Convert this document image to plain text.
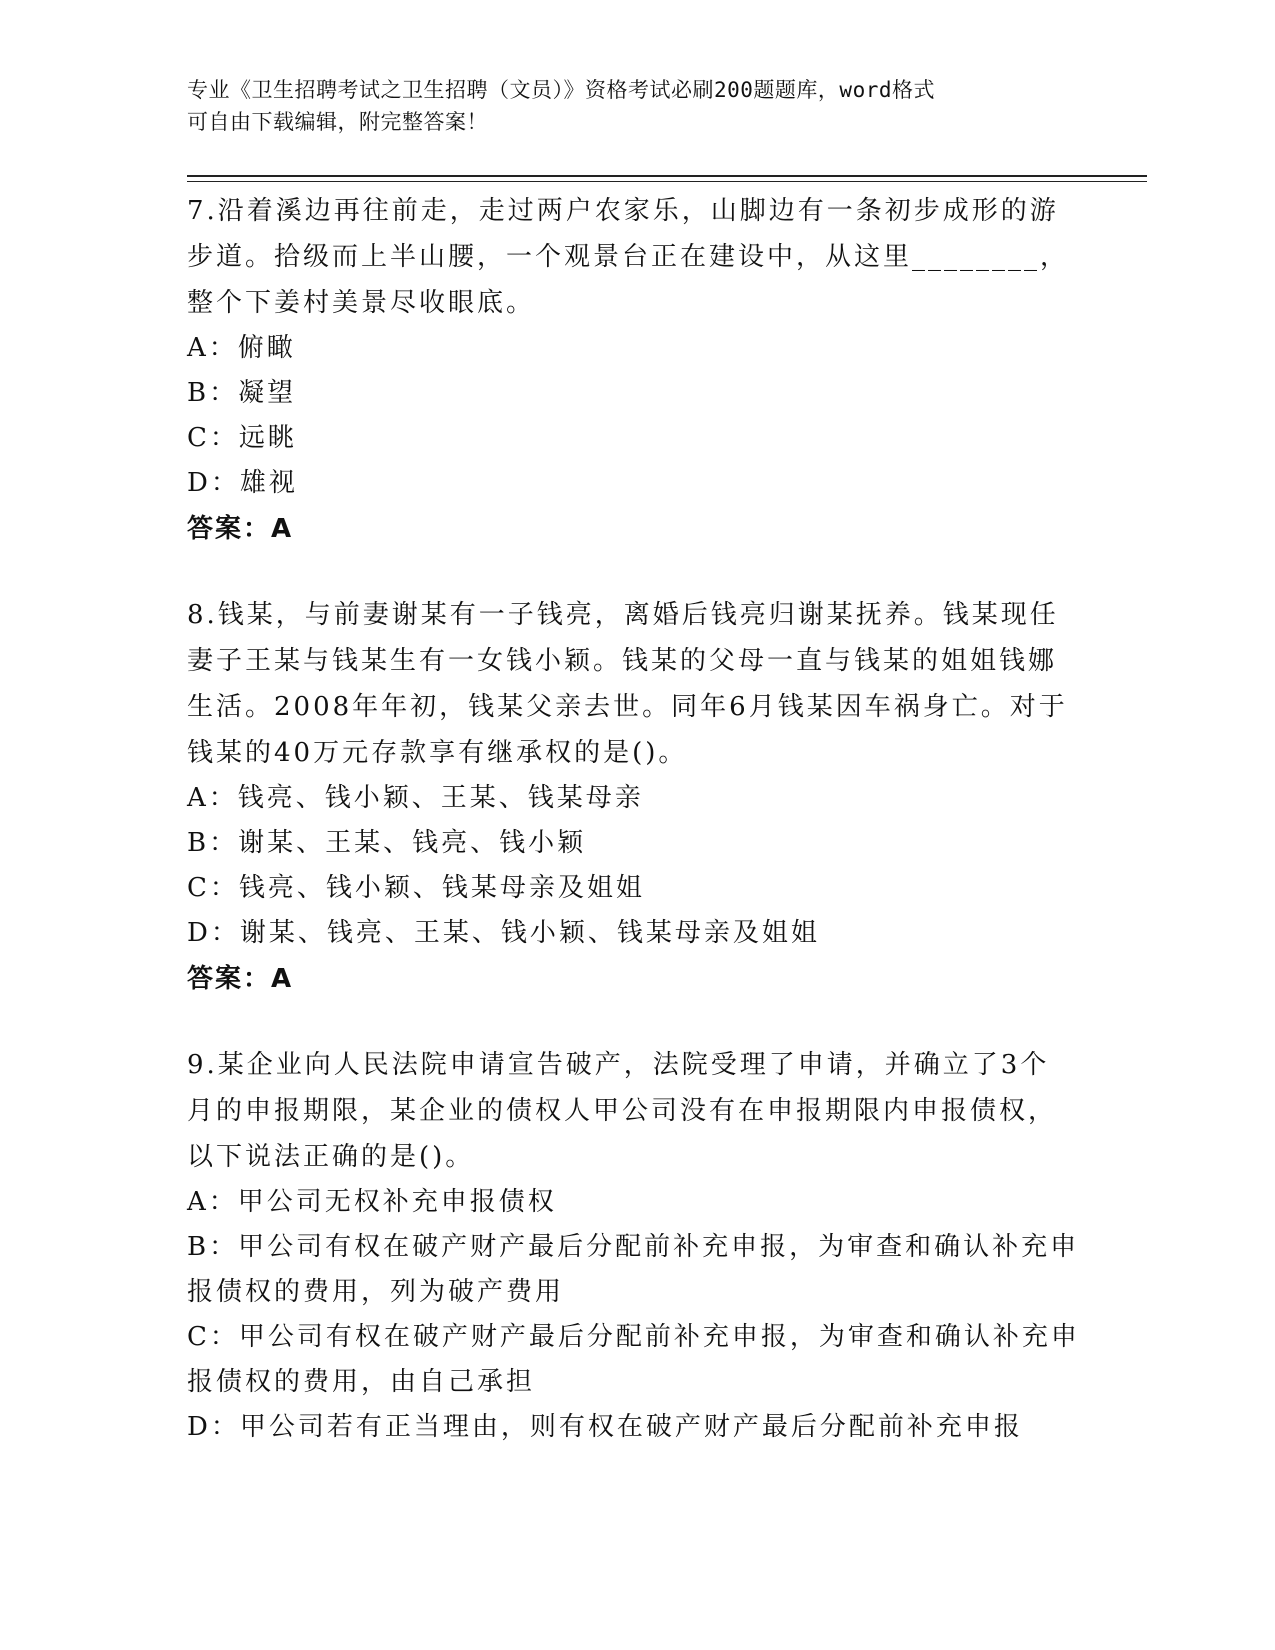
专业《卫生招聘考试之卫生招聘（文员）》资格考试必刷200题题库，word格式
可自由下载编辑，附完整答案！
7.沿着溪边再往前走，走过两户农家乐，山脚边有一条初步成形的游
步道。拾级而上半山腰，一个观景台正在建设中，从这里________，
整个下姜村美景尽收眼底。
A：俯瞰
B：凝望
C：远眺
D：雄视
答案：A
8.钱某，与前妻谢某有一子钱亮，离婚后钱亮归谢某抚养。钱某现任
妻子王某与钱某生有一女钱小颖。钱某的父母一直与钱某的姐姐钱娜
生活。2008年年初，钱某父亲去世。同年6月钱某因车祸身亡。对于
钱某的40万元存款享有继承权的是()。
A：钱亮、钱小颖、王某、钱某母亲
B：谢某、王某、钱亮、钱小颖
C：钱亮、钱小颖、钱某母亲及姐姐
D：谢某、钱亮、王某、钱小颖、钱某母亲及姐姐
答案：A
9.某企业向人民法院申请宣告破产，法院受理了申请，并确立了3个
月的申报期限，某企业的债权人甲公司没有在申报期限内申报债权，
以下说法正确的是()。
A：甲公司无权补充申报债权
B：甲公司有权在破产财产最后分配前补充申报，为审查和确认补充申
报债权的费用，列为破产费用
C：甲公司有权在破产财产最后分配前补充申报，为审查和确认补充申
报债权的费用，由自己承担
D：甲公司若有正当理由，则有权在破产财产最后分配前补充申报
